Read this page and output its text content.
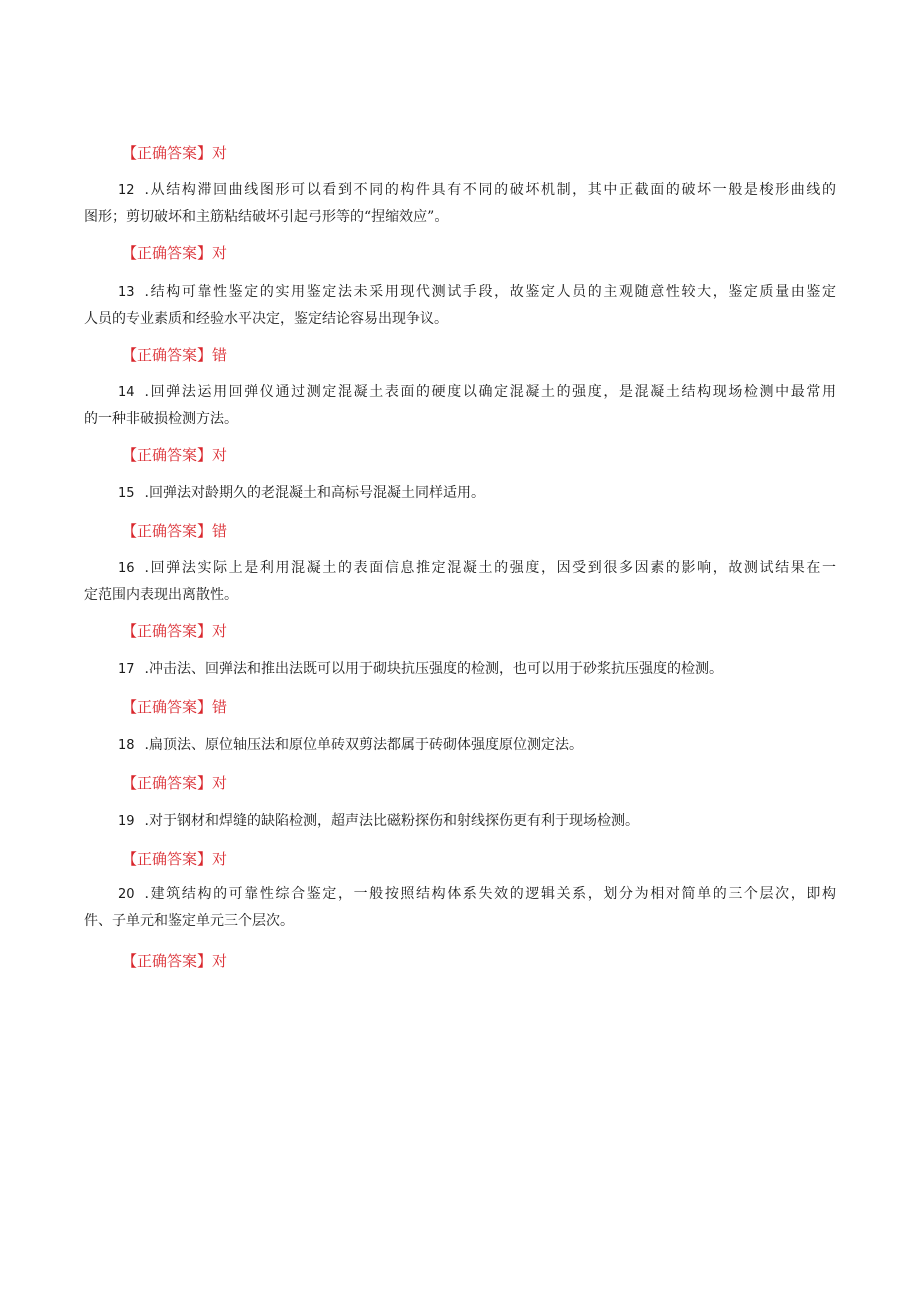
【正确答案】对
12 .从结构滞回曲线图形可以看到不同的构件具有不同的破坏机制，其中正截面的破坏一般是梭形曲线的
图形；剪切破坏和主筋粘结破坏引起弓形等的“捏缩效应”。
【正确答案】对
13 .结构可靠性鉴定的实用鉴定法未采用现代测试手段，故鉴定人员的主观随意性较大，鉴定质量由鉴定
人员的专业素质和经验水平决定，鉴定结论容易出现争议。
【正确答案】错
14 .回弹法运用回弹仪通过测定混凝土表面的硬度以确定混凝土的强度，是混凝土结构现场检测中最常用
的一种非破损检测方法。
【正确答案】对
15 .回弹法对龄期久的老混凝土和高标号混凝土同样适用。
【正确答案】错
16 .回弹法实际上是利用混凝土的表面信息推定混凝土的强度，因受到很多因素的影响，故测试结果在一
定范围内表现出离散性。
【正确答案】对
17 .冲击法、回弹法和推出法既可以用于砌块抗压强度的检测，也可以用于砂浆抗压强度的检测。
【正确答案】错
18 .扁顶法、原位轴压法和原位单砖双剪法都属于砖砌体强度原位测定法。
【正确答案】对
19 .对于钢材和焊缝的缺陷检测，超声法比磁粉探伤和射线探伤更有利于现场检测。
【正确答案】对
20 .建筑结构的可靠性综合鉴定，一般按照结构体系失效的逻辑关系，划分为相对简单的三个层次，即构
件、子单元和鉴定单元三个层次。
【正确答案】对
